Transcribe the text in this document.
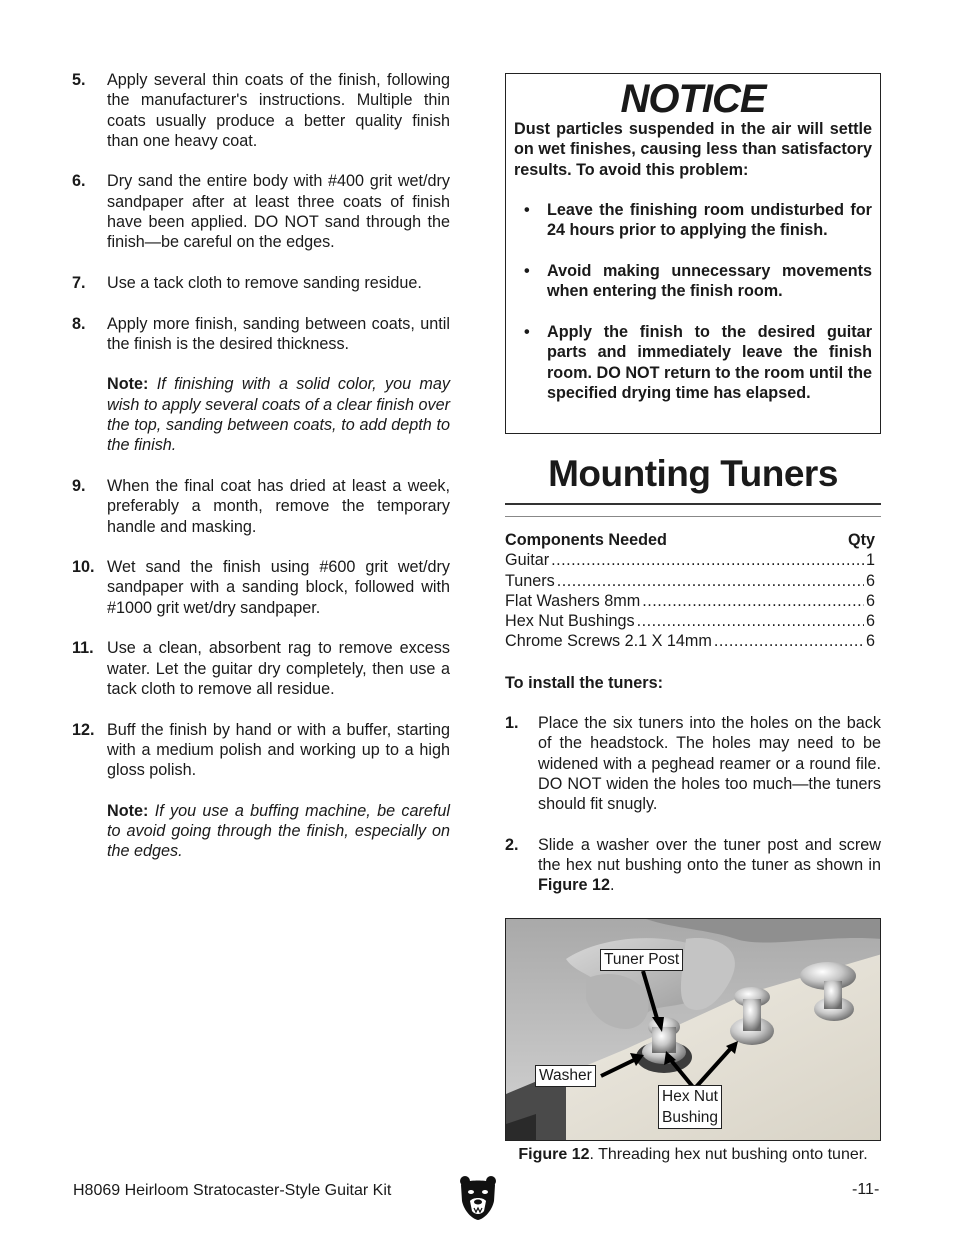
5. Apply several thin coats of the finish, following the manufacturer's instructions. Multiple thin coats usually produce a better quality finish than one heavy coat.
6. Dry sand the entire body with #400 grit wet/dry sandpaper after at least three coats of finish have been applied. DO NOT sand through the finish—be careful on the edges.
7. Use a tack cloth to remove sanding residue.
8. Apply more finish, sanding between coats, until the finish is the desired thickness.
Note: If finishing with a solid color, you may wish to apply several coats of a clear finish over the top, sanding between coats, to add depth to the finish.
9. When the final coat has dried at least a week, preferably a month, remove the temporary handle and masking.
10. Wet sand the finish using #600 grit wet/dry sandpaper with a sanding block, followed with #1000 grit wet/dry sandpaper.
11. Use a clean, absorbent rag to remove excess water. Let the guitar dry completely, then use a tack cloth to remove all residue.
12. Buff the finish by hand or with a buffer, starting with a medium polish and working up to a high gloss polish.
Note: If you use a buffing machine, be careful to avoid going through the finish, especially on the edges.
NOTICE
Dust particles suspended in the air will settle on wet finishes, causing less than satisfactory results. To avoid this problem:
• Leave the finishing room undisturbed for 24 hours prior to applying the finish.
• Avoid making unnecessary movements when entering the finish room.
• Apply the finish to the desired guitar parts and immediately leave the finish room. DO NOT return to the room until the specified drying time has elapsed.
Mounting Tuners
Components Needed	Qty
Guitar .....	1
Tuners .....	6
Flat Washers 8mm .....	6
Hex Nut Bushings .....	6
Chrome Screws 2.1 X 14mm .....	6
To install the tuners:
1. Place the six tuners into the holes on the back of the headstock. The holes may need to be widened with a peghead reamer or a round file. DO NOT widen the holes too much—the tuners should fit snugly.
2. Slide a washer over the tuner post and screw the hex nut bushing onto the tuner as shown in Figure 12.
Tuner Post
Washer
Hex Nut
Bushing
Figure 12. Threading hex nut bushing onto tuner.
H8069 Heirloom Stratocaster-Style Guitar Kit	-11-
